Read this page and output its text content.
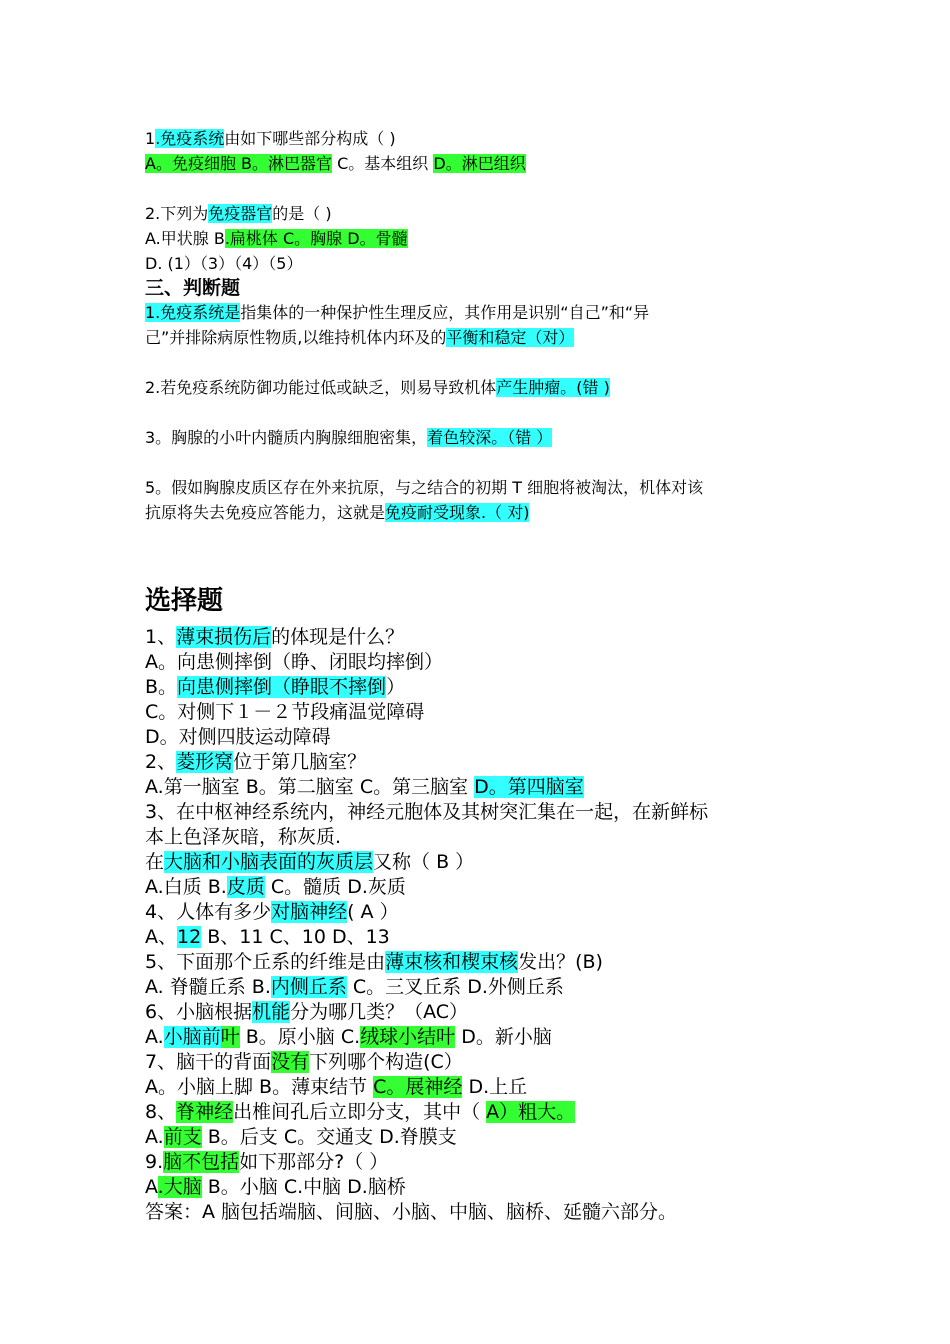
1.免疫系统由如下哪些部分构成（ )
A。免疫细胞 B。淋巴器官 C。基本组织 D。淋巴组织
2.下列为免疫器官的是（ )
A.甲状腺 B.扁桃体 C。胸腺 D。骨髓
D. (1）（3）（4）（5）
三、判断题
1.免疫系统是指集体的一种保护性生理反应，其作用是识别“自己”和“异
己”并排除病原性物质,以维持机体内环及的平衡和稳定（对）
2.若免疫系统防御功能过低或缺乏，则易导致机体产生肿瘤。(错 )
3。胸腺的小叶内髓质内胸腺细胞密集，着色较深。（错 ）
5。假如胸腺皮质区存在外来抗原，与之结合的初期 T 细胞将被淘汰，机体对该
抗原将失去免疫应答能力，这就是免疫耐受现象.（ 对)
选择题
1、薄束损伤后的体现是什么？
A。向患侧摔倒（睁、闭眼均摔倒）
B。向患侧摔倒（睁眼不摔倒）
C。对侧下１－２节段痛温觉障碍
D。对侧四肢运动障碍
2、菱形窝位于第几脑室？
A.第一脑室 B。第二脑室 C。第三脑室 D。第四脑室
3、在中枢神经系统内，神经元胞体及其树突汇集在一起，在新鲜标
本上色泽灰暗，称灰质.
在大脑和小脑表面的灰质层又称（ B ）
A.白质 B.皮质 C。髓质 D.灰质
4、人体有多少对脑神经( A ）
A、12 B、11 C、10 D、13
5、下面那个丘系的纤维是由薄束核和楔束核发出？(B)
A. 脊髓丘系 B.内侧丘系 C。三叉丘系 D.外侧丘系
6、小脑根据机能分为哪几类？（AC）
A.小脑前叶 B。原小脑 C.绒球小结叶 D。新小脑
7、脑干的背面没有下列哪个构造(C）
A。小脑上脚 B。薄束结节 C。展神经 D.上丘
8、脊神经出椎间孔后立即分支，其中（ A）粗大。
A.前支 B。后支 C。交通支 D.脊膜支
9.脑不包括如下那部分?（ ）
A.大脑 B。小脑 C.中脑 D.脑桥
答案：A 脑包括端脑、间脑、小脑、中脑、脑桥、延髓六部分。
